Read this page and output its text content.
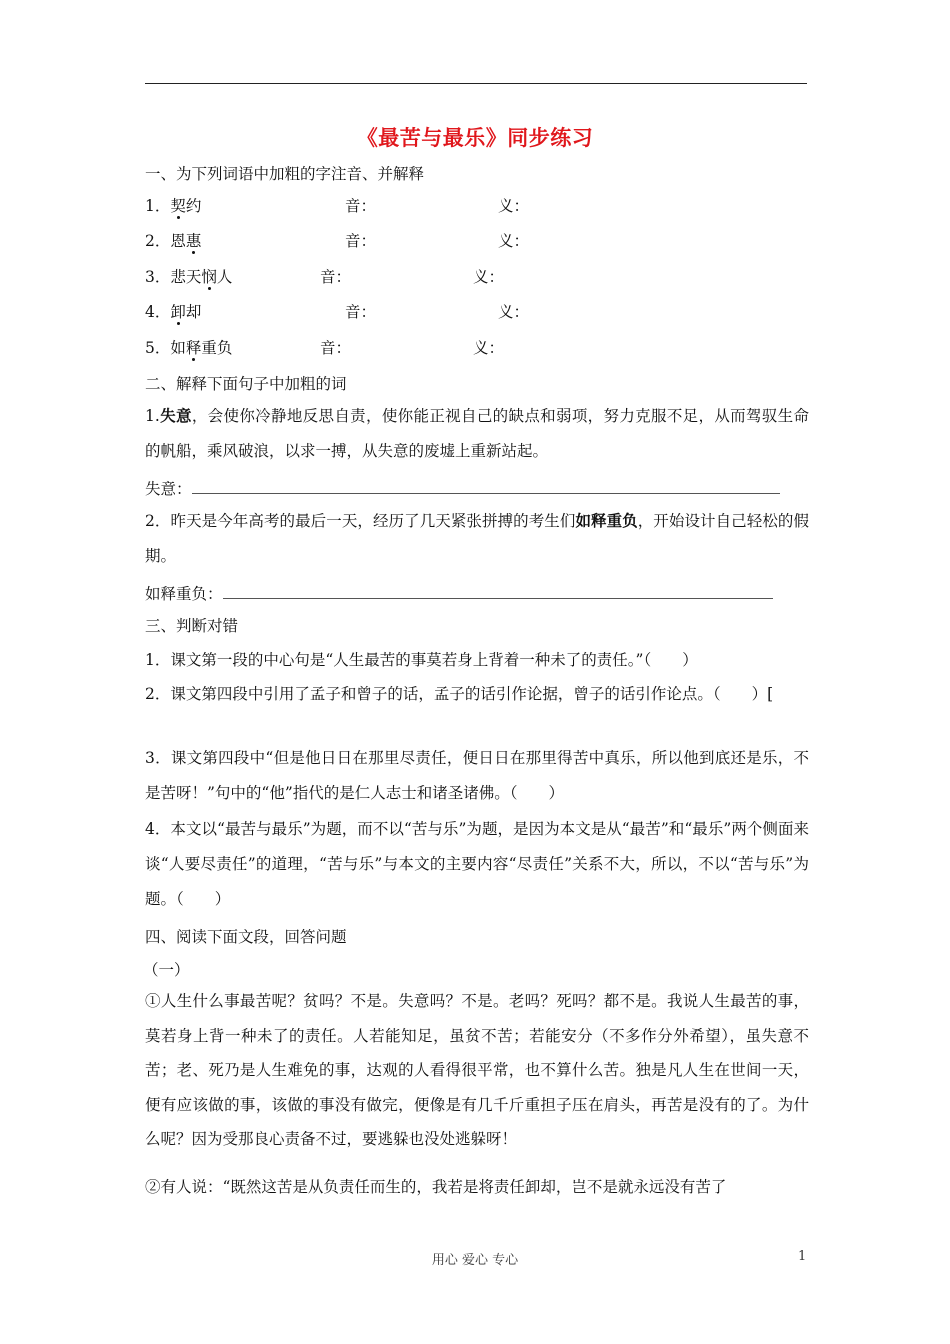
《最苦与最乐》同步练习
一、为下列词语中加粗的字注音、并解释
1．契约	音：	义：
2．恩惠	音：	义：
3．悲天悯人	音：	义：
4．卸却	音：	义：
5．如释重负	音：	义：
二、解释下面句子中加粗的词
1.失意，会使你冷静地反思自责，使你能正视自己的缺点和弱项，努力克服不足，从而驾驭生命的帆船，乘风破浪，以求一搏，从失意的废墟上重新站起。
失意：
2．昨天是今年高考的最后一天，经历了几天紧张拼搏的考生们如释重负，开始设计自己轻松的假期。
如释重负：
三、判断对错
1．课文第一段的中心句是“人生最苦的事莫若身上背着一种未了的责任。”（　　）
2．课文第四段中引用了孟子和曾子的话，孟子的话引作论据，曾子的话引作论点。（　　）[
3．课文第四段中“但是他日日在那里尽责任，便日日在那里得苦中真乐，所以他到底还是乐，不是苦呀！”句中的“他”指代的是仁人志士和诸圣诸佛。（　　）
4．本文以“最苦与最乐”为题，而不以“苦与乐”为题，是因为本文是从“最苦”和“最乐”两个侧面来谈“人要尽责任”的道理，“苦与乐”与本文的主要内容“尽责任”关系不大，所以，不以“苦与乐”为题。（　　）
四、阅读下面文段，回答问题
（一）
①人生什么事最苦呢？贫吗？不是。失意吗？不是。老吗？死吗？都不是。我说人生最苦的事，莫若身上背一种未了的责任。人若能知足，虽贫不苦；若能安分（不多作分外希望），虽失意不苦；老、死乃是人生难免的事，达观的人看得很平常，也不算什么苦。独是凡人生在世间一天，便有应该做的事，该做的事没有做完，便像是有几千斤重担子压在肩头，再苦是没有的了。为什么呢？因为受那良心责备不过，要逃躲也没处逃躲呀！
②有人说：“既然这苦是从负责任而生的，我若是将责任卸却，岂不是就永远没有苦了
用心 爱心 专心	1
